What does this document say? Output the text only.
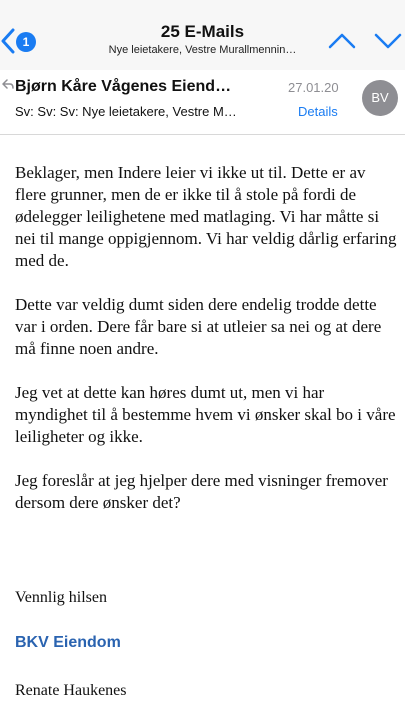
1
25 E-Mails
Nye leietakere, Vestre Murallmennin…
Bjørn Kåre Vågenes Eiend…	27.01.20
Sv: Sv: Sv: Nye leietakere, Vestre M…	Details
BV

Beklager, men Indere leier vi ikke ut til. Dette er av flere grunner, men de er ikke til å stole på fordi de ødelegger leilighetene med matlaging. Vi har måtte si nei til mange oppigjennom. Vi har veldig dårlig erfaring med de.

Dette var veldig dumt siden dere endelig trodde dette var i orden. Dere får bare si at utleier sa nei og at dere må finne noen andre.

Jeg vet at dette kan høres dumt ut, men vi har myndighet til å bestemme hvem vi ønsker skal bo i våre leiligheter og ikke.

Jeg foreslår at jeg hjelper dere med visninger fremover dersom dere ønsker det?

Vennlig hilsen
BKV Eiendom
Renate Haukenes
